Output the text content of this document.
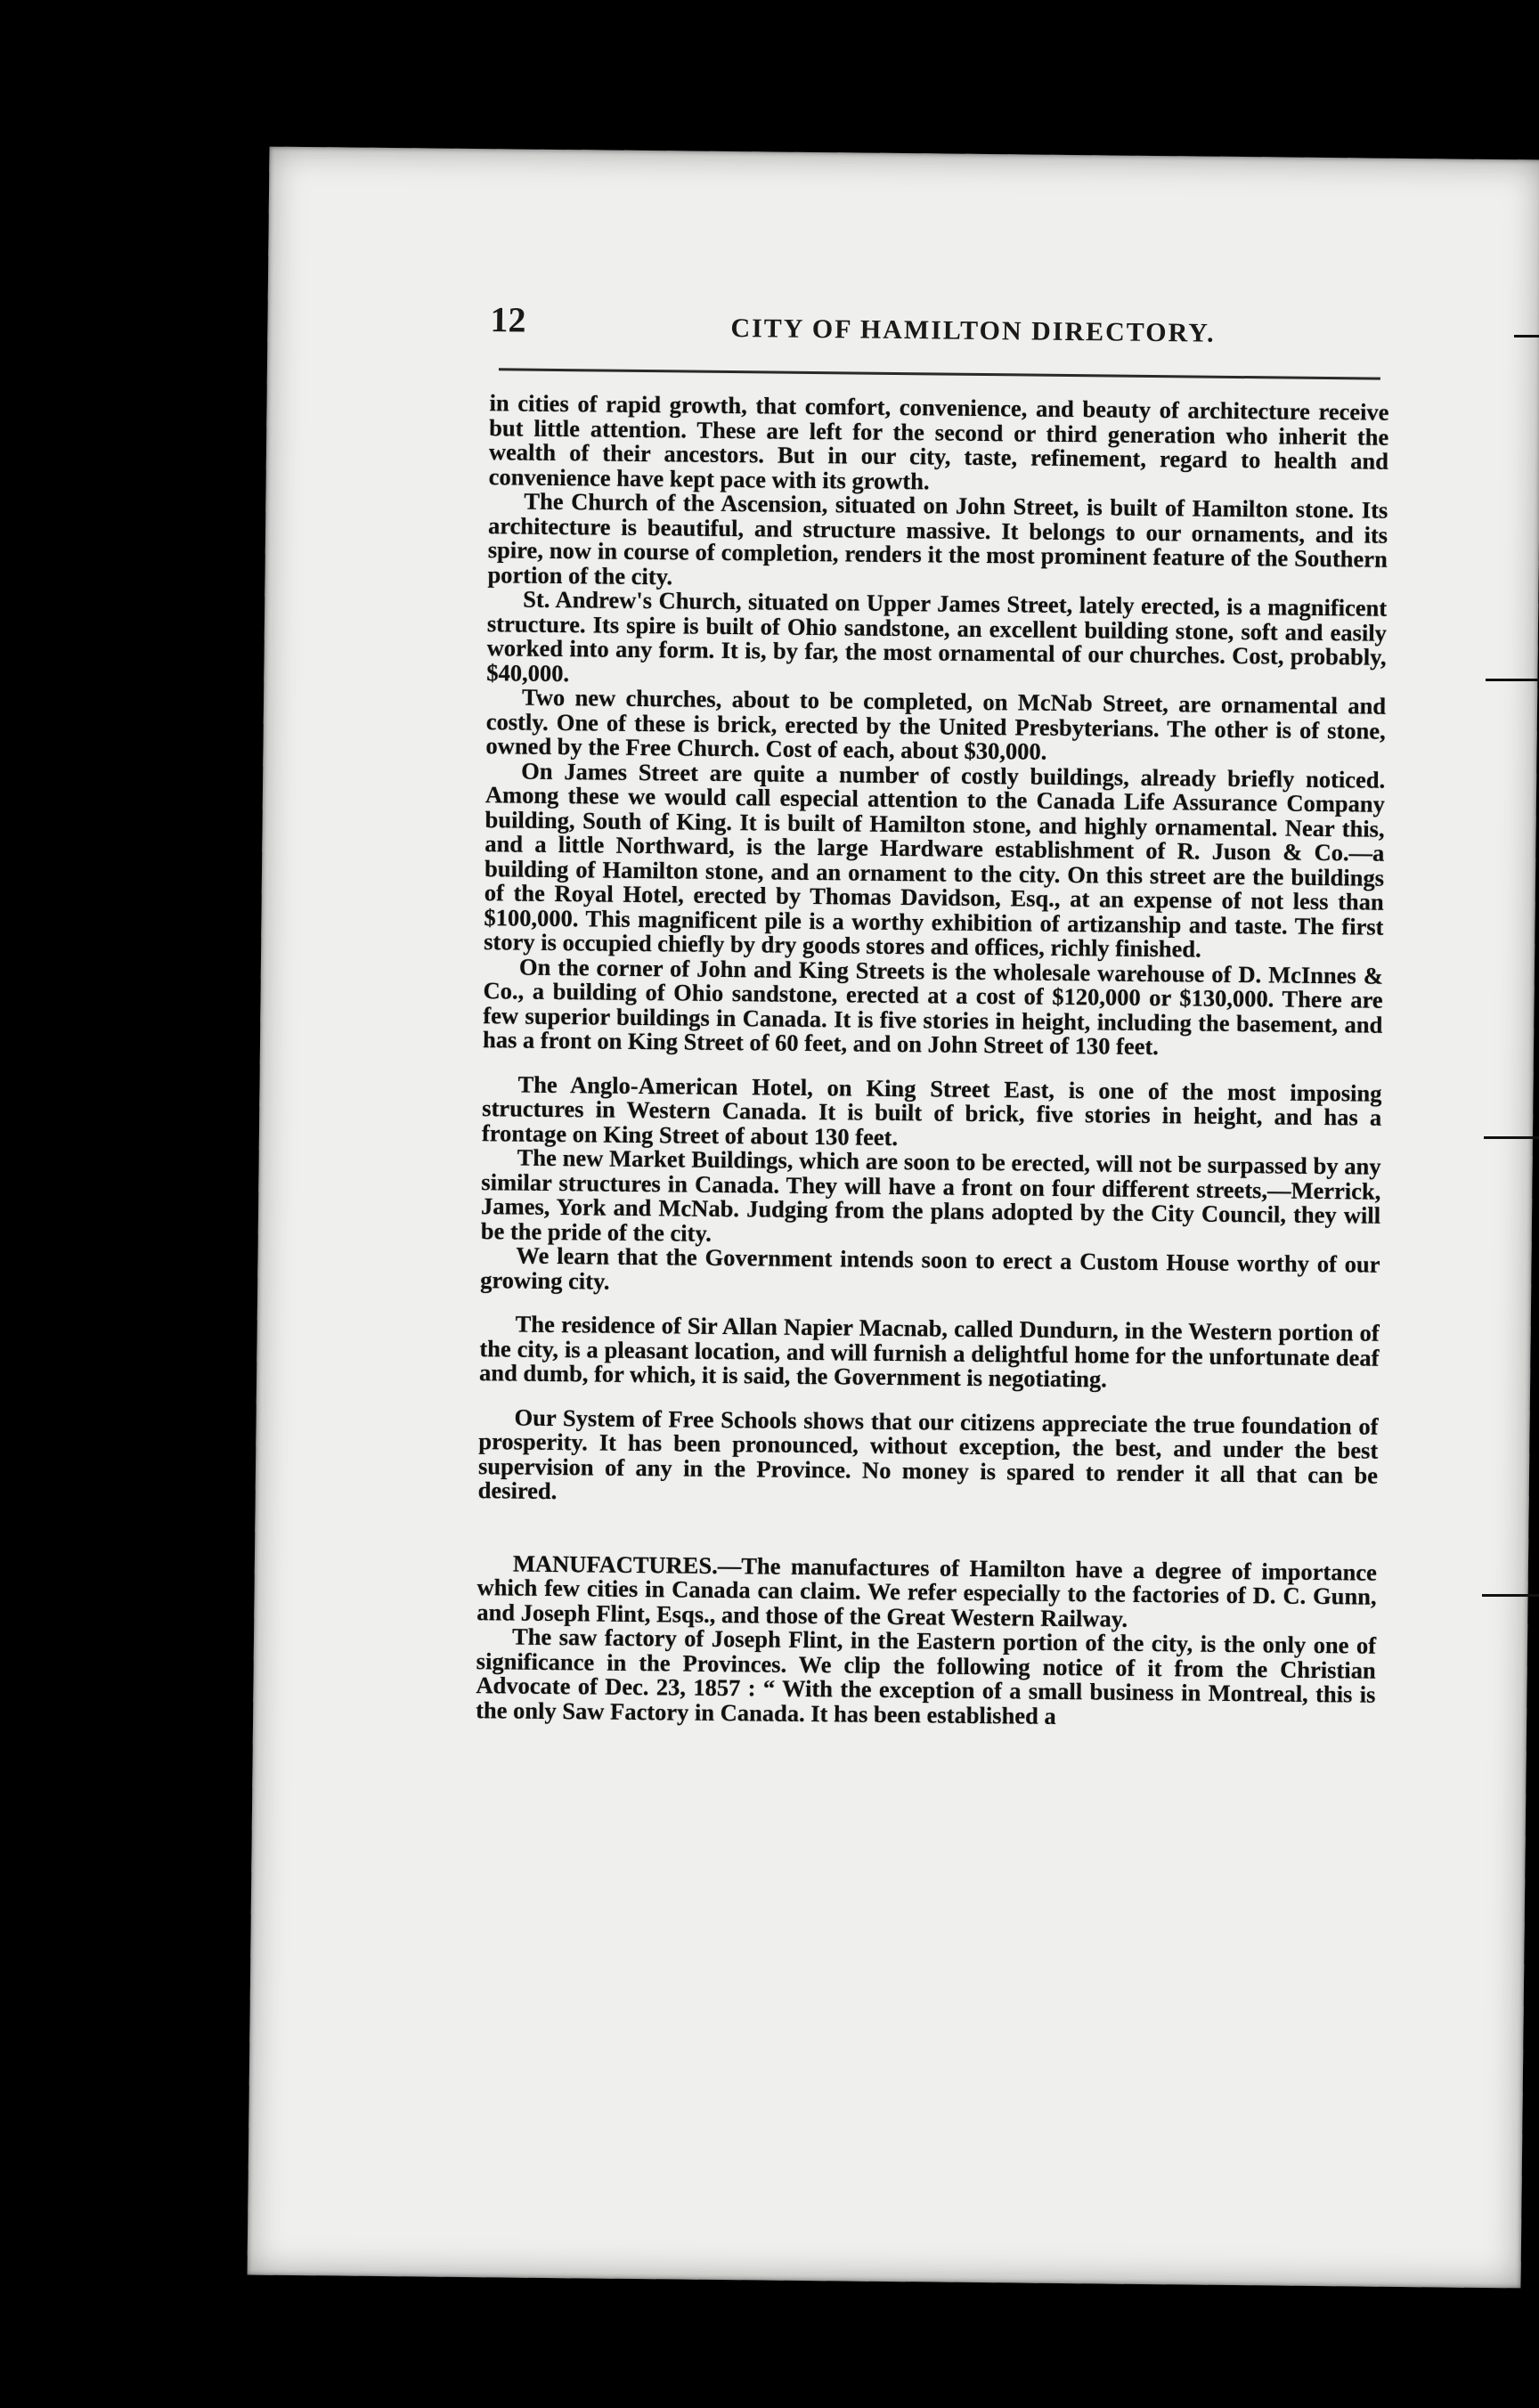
12	CITY OF HAMILTON DIRECTORY.

in cities of rapid growth, that comfort, convenience, and beauty of architecture receive but little attention. These are left for the second or third generation who inherit the wealth of their ancestors. But in our city, taste, refinement, regard to health and convenience have kept pace with its growth.

The Church of the Ascension, situated on John Street, is built of Hamilton stone. Its architecture is beautiful, and structure massive. It belongs to our ornaments, and its spire, now in course of completion, renders it the most prominent feature of the Southern portion of the city.

St. Andrew's Church, situated on Upper James Street, lately erected, is a magnificent structure. Its spire is built of Ohio sandstone, an excellent building stone, soft and easily worked into any form. It is, by far, the most ornamental of our churches. Cost, probably, $40,000.

Two new churches, about to be completed, on McNab Street, are ornamental and costly. One of these is brick, erected by the United Presbyterians. The other is of stone, owned by the Free Church. Cost of each, about $30,000.

On James Street are quite a number of costly buildings, already briefly noticed. Among these we would call especial attention to the Canada Life Assurance Company building, South of King. It is built of Hamilton stone, and highly ornamental. Near this, and a little Northward, is the large Hardware establishment of R. Juson & Co.—a building of Hamilton stone, and an ornament to the city. On this street are the buildings of the Royal Hotel, erected by Thomas Davidson, Esq., at an expense of not less than $100,000. This magnificent pile is a worthy exhibition of artizanship and taste. The first story is occupied chiefly by dry goods stores and offices, richly finished.

On the corner of John and King Streets is the wholesale warehouse of D. McInnes & Co., a building of Ohio sandstone, erected at a cost of $120,000 or $130,000. There are few superior buildings in Canada. It is five stories in height, including the basement, and has a front on King Street of 60 feet, and on John Street of 130 feet.

The Anglo-American Hotel, on King Street East, is one of the most imposing structures in Western Canada. It is built of brick, five stories in height, and has a frontage on King Street of about 130 feet.

The new Market Buildings, which are soon to be erected, will not be surpassed by any similar structures in Canada. They will have a front on four different streets,—Merrick, James, York and McNab. Judging from the plans adopted by the City Council, they will be the pride of the city.

We learn that the Government intends soon to erect a Custom House worthy of our growing city.

The residence of Sir Allan Napier Macnab, called Dundurn, in the Western portion of the city, is a pleasant location, and will furnish a delightful home for the unfortunate deaf and dumb, for which, it is said, the Government is negotiating.

Our System of Free Schools shows that our citizens appreciate the true foundation of prosperity. It has been pronounced, without exception, the best, and under the best supervision of any in the Province. No money is spared to render it all that can be desired.

MANUFACTURES.—The manufactures of Hamilton have a degree of importance which few cities in Canada can claim. We refer especially to the factories of D. C. Gunn, and Joseph Flint, Esqs., and those of the Great Western Railway.

The saw factory of Joseph Flint, in the Eastern portion of the city, is the only one of significance in the Provinces. We clip the following notice of it from the Christian Advocate of Dec. 23, 1857 : “ With the exception of a small business in Montreal, this is the only Saw Factory in Canada. It has been established a
